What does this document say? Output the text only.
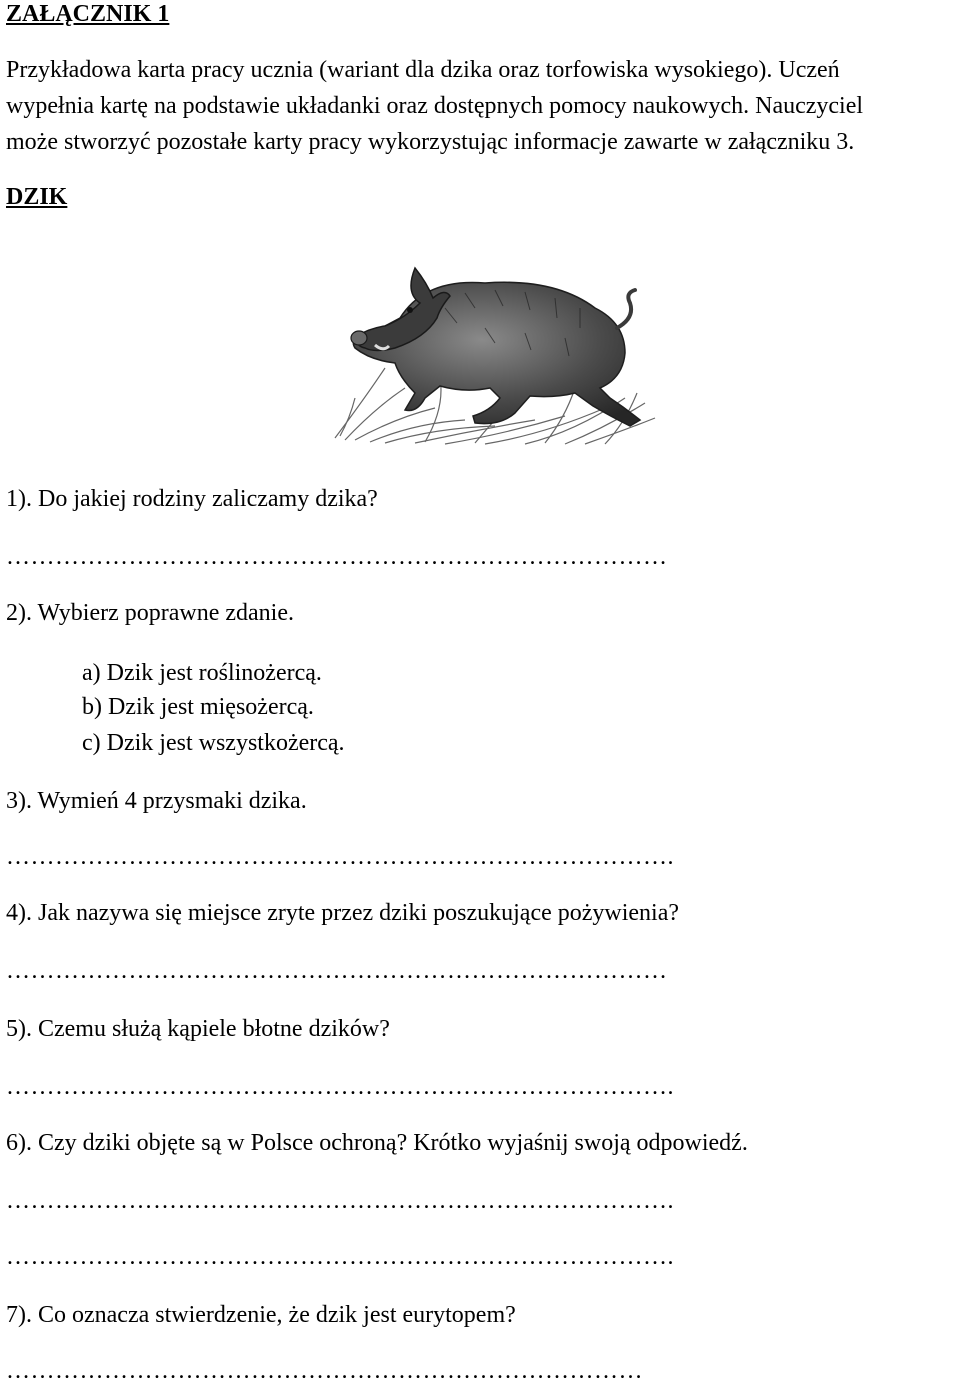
ZAŁĄCZNIK 1
Przykładowa karta pracy ucznia (wariant dla dzika oraz torfowiska wysokiego). Uczeń
wypełnia kartę na podstawie układanki oraz dostępnych pomocy naukowych. Nauczyciel
może stworzyć pozostałe karty pracy wykorzystując informacje zawarte w załączniku 3.
DZIK
1). Do jakiej rodziny zaliczamy dzika?
………………………………………………………………………
2). Wybierz poprawne zdanie.
a) Dzik jest roślinożercą.
b) Dzik jest mięsożercą.
c) Dzik jest wszystkożercą.
3). Wymień 4 przysmaki dzika.
……………………………………………………………………….
4). Jak nazywa się miejsce zryte przez dziki poszukujące pożywienia?
………………………………………………………………………
5). Czemu służą kąpiele błotne dzików?
……………………………………………………………………….
6). Czy dziki objęte są w Polsce ochroną? Krótko wyjaśnij swoją odpowiedź.
……………………………………………………………………….
……………………………………………………………………….
7). Co oznacza stwierdzenie, że dzik jest eurytopem?
……………………………………………………………………
